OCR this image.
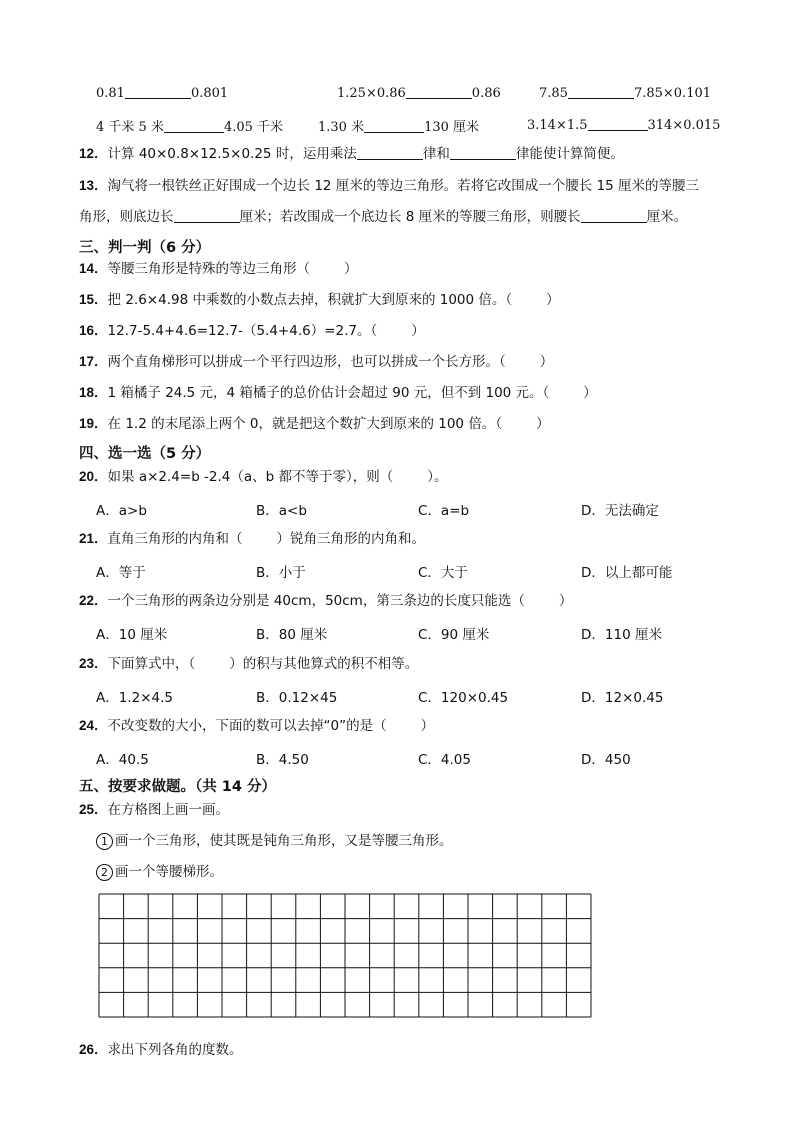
0.81	0.801	1.25×0.86	0.86	7.85	7.85×0.101
4 千米 5 米	4.05 千米	1.30 米	130 厘米	3.14×1.5	314×0.015
12．计算 40×0.8×12.5×0.25 时，运用乘法	律和	律能使计算简便。
13．淘气将一根铁丝正好围成一个边长 12 厘米的等边三角形。若将它改围成一个腰长 15 厘米的等腰三
角形，则底边长	厘米；若改围成一个底边长 8 厘米的等腰三角形，则腰长	厘米。
三、判一判（6 分）
14．等腰三角形是特殊的等边三角形（	）
15．把 2.6×4.98 中乘数的小数点去掉，积就扩大到原来的 1000 倍。（	）
16．12.7-5.4+4.6=12.7-（5.4+4.6）=2.7。（	）
17．两个直角梯形可以拼成一个平行四边形，也可以拼成一个长方形。（	）
18．1 箱橘子 24.5 元，4 箱橘子的总价估计会超过 90 元，但不到 100 元。（	）
19．在 1.2 的末尾添上两个 0，就是把这个数扩大到原来的 100 倍。（	）
四、选一选（5 分）
20．如果 a×2.4=b -2.4（a、b 都不等于零），则（	）。
A．a>b	B．a<b	C．a=b	D．无法确定
21．直角三角形的内角和（	）锐角三角形的内角和。
A．等于	B．小于	C．大于	D．以上都可能
22．一个三角形的两条边分别是 40cm，50cm，第三条边的长度只能选（	）
A．10 厘米	B．80 厘米	C．90 厘米	D．110 厘米
23．下面算式中，（	）的积与其他算式的积不相等。
A．1.2×4.5	B．0.12×45	C．120×0.45	D．12×0.45
24．不改变数的大小，下面的数可以去掉“0”的是（	）
A．40.5	B．4.50	C．4.05	D．450
五、按要求做题。（共 14 分）
25．在方格图上画一画。
1 画一个三角形，使其既是钝角三角形，又是等腰三角形。
2 画一个等腰梯形。
26．求出下列各角的度数。
